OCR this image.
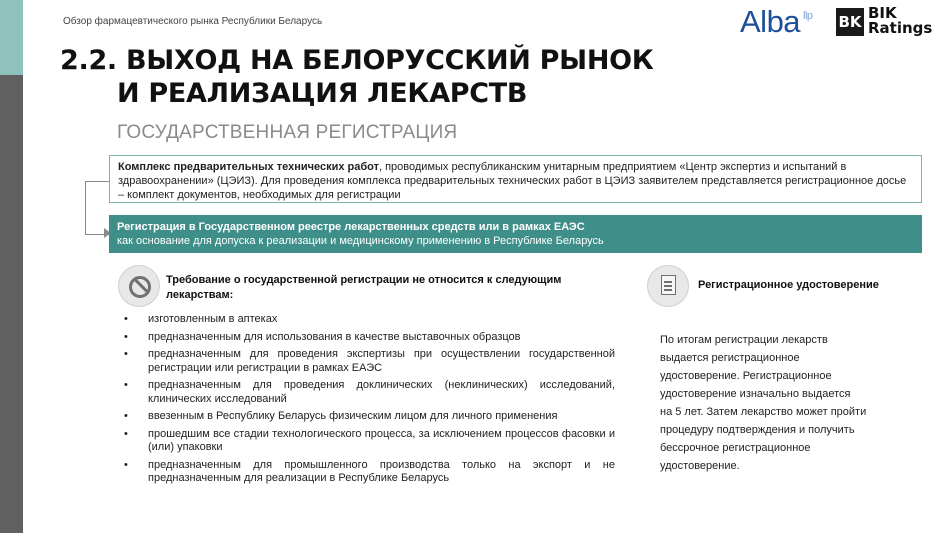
Обзор фармацевтического рынка Республики Беларусь	Alba $^{llp}$ BK BIK
Ratings
2.2. ВЫХОД НА БЕЛОРУССКИЙ РЫНОК
И РЕАЛИЗАЦИЯ ЛЕКАРСТВ
ГОСУДАРСТВЕННАЯ РЕГИСТРАЦИЯ
Комплекс предварительных технических работ, проводимых республиканским унитарным предприятием «Центр экспертиз и испытаний в здравоохранении» (ЦЭИЗ). Для проведения комплекса предварительных технических работ в ЦЭИЗ заявителем представляется регистрационное досье – комплект документов, необходимых для регистрации
Регистрация в Государственном реестре лекарственных средств или в рамках ЕАЭС
как основание для допуска к реализации и медицинскому применению в Республике Беларусь
Требование о государственной регистрации не относится к следующим лекарствам:
• изготовленным в аптеках
• предназначенным для использования в качестве выставочных образцов
• предназначенным для проведения экспертизы при осуществлении государственной регистрации или регистрации в рамках ЕАЭС
• предназначенным для проведения доклинических (неклинических) исследований, клинических исследований
• ввезенным в Республику Беларусь физическим лицом для личного применения
• прошедшим все стадии технологического процесса, за исключением процессов фасовки и (или) упаковки
• предназначенным для промышленного производства только на экспорт и не предназначенным для реализации в Республике Беларусь
Регистрационное удостоверение
По итогам регистрации лекарств
выдается регистрационное
удостоверение. Регистрационное
удостоверение изначально выдается
на 5 лет. Затем лекарство может пройти
процедуру подтверждения и получить
бессрочное регистрационное
удостоверение.
